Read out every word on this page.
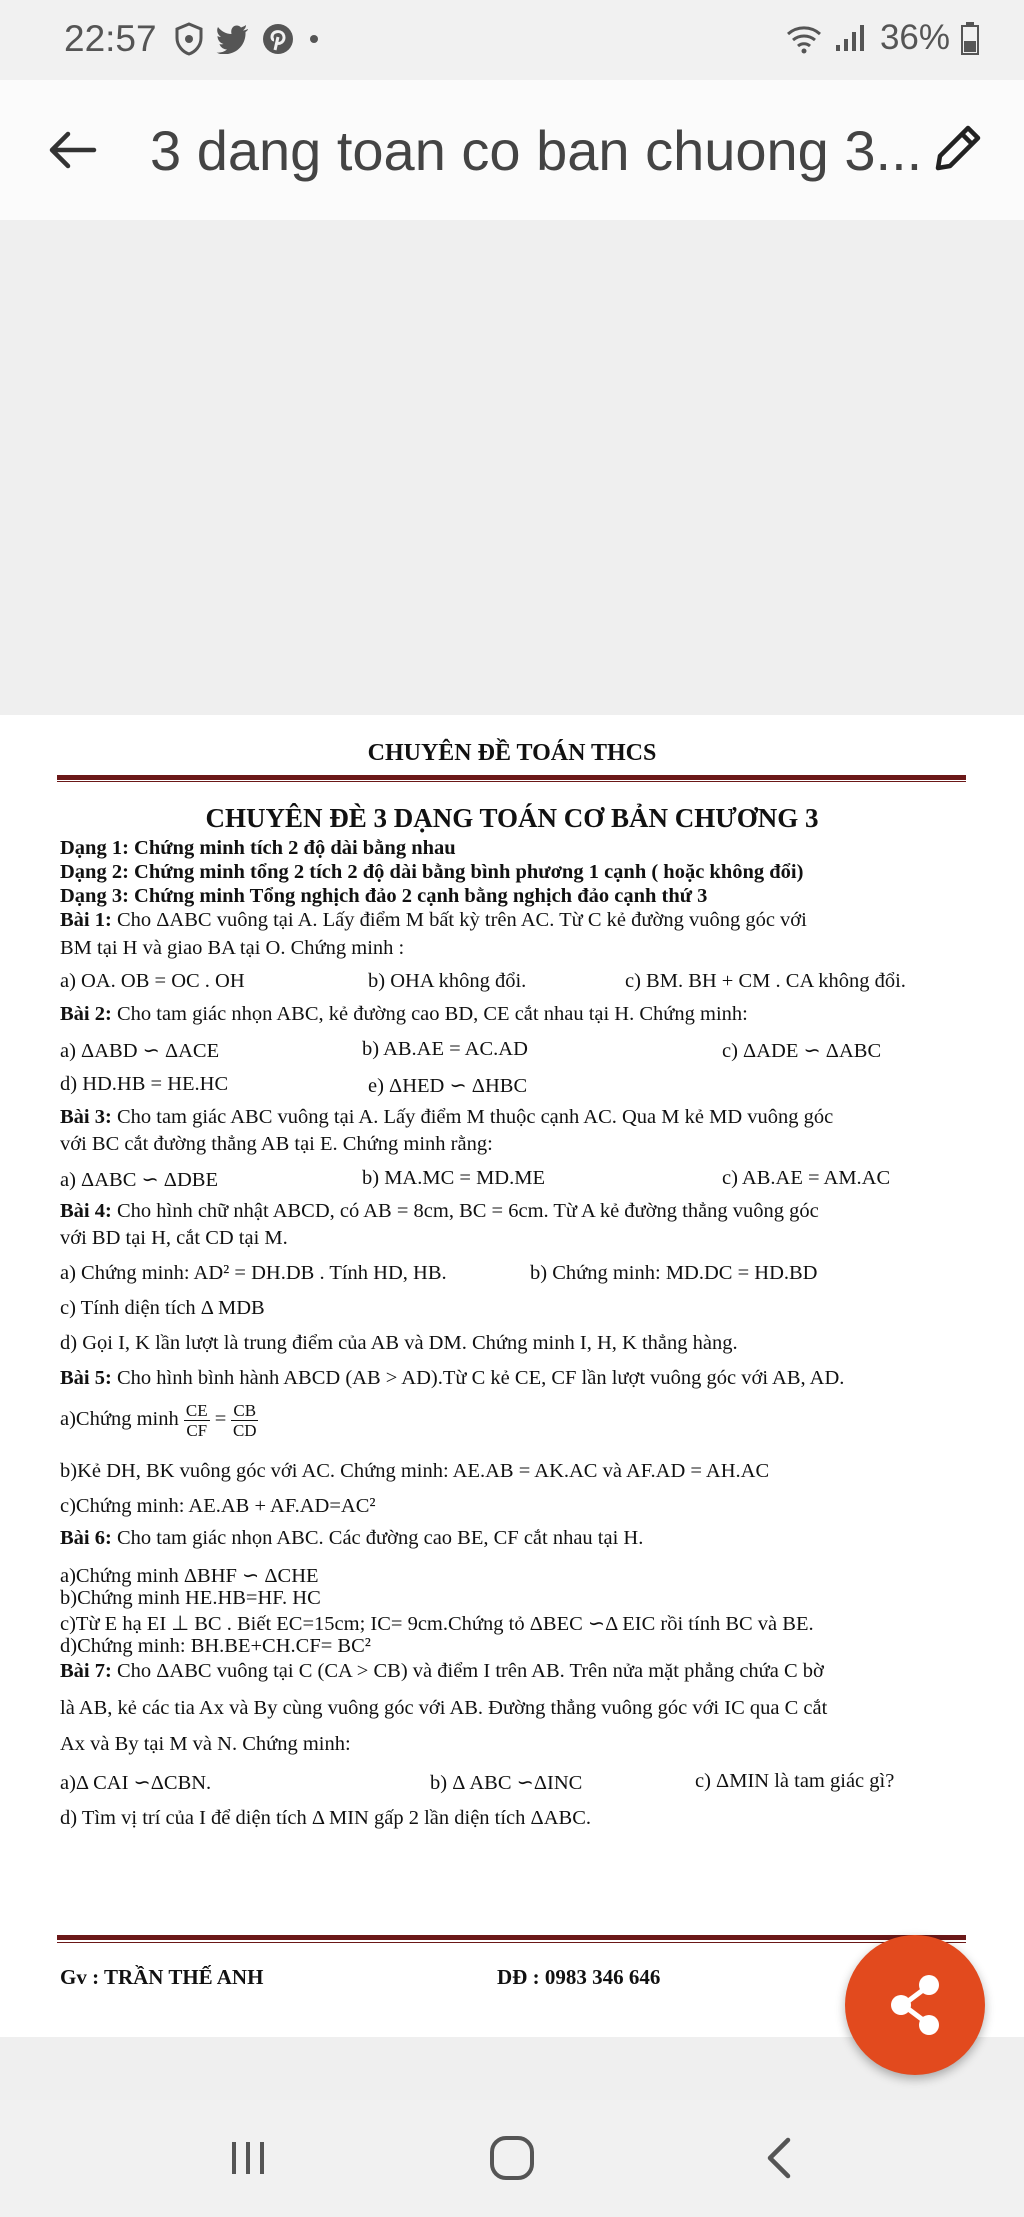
22:57	36%
3 dang toan co ban chuong 3...
CHUYÊN ĐỀ TOÁN THCS
CHUYÊN ĐÈ 3 DẠNG TOÁN CƠ BẢN CHƯƠNG 3
Dạng 1: Chứng minh tích 2 độ dài bằng nhau
Dạng 2: Chứng minh tổng 2 tích 2 độ dài bằng bình phương 1 cạnh ( hoặc không đổi)
Dạng 3: Chứng minh Tổng nghịch đảo 2 cạnh bằng nghịch đảo cạnh thứ 3
Bài 1: Cho ΔABC vuông tại A. Lấy điểm M bất kỳ trên AC. Từ C kẻ đường vuông góc với
BM tại H và giao BA tại O. Chứng minh :
a) OA. OB = OC . OH	b) OHA không đổi.	c) BM. BH + CM . CA không đổi.
Bài 2: Cho tam giác nhọn ABC, kẻ đường cao BD, CE cắt nhau tại H. Chứng minh:
a) ΔABD ∽ ΔACE	b) AB.AE = AC.AD	c) ΔADE ∽ ΔABC
d) HD.HB = HE.HC	e) ΔHED ∽ ΔHBC
Bài 3: Cho tam giác ABC vuông tại A. Lấy điểm M thuộc cạnh AC. Qua M kẻ MD vuông góc
với BC cắt đường thẳng AB tại E. Chứng minh rằng:
a) ΔABC ∽ ΔDBE	b) MA.MC = MD.ME	c) AB.AE = AM.AC
Bài 4: Cho hình chữ nhật ABCD, có AB = 8cm, BC = 6cm. Từ A kẻ đường thẳng vuông góc
với BD tại H, cắt CD tại M.
a) Chứng minh: AD² = DH.DB . Tính HD, HB.	b) Chứng minh: MD.DC = HD.BD
c) Tính diện tích Δ MDB
d) Gọi I, K lần lượt là trung điểm của AB và DM. Chứng minh I, H, K thẳng hàng.
Bài 5: Cho hình bình hành ABCD (AB > AD).Từ C kẻ CE, CF lần lượt vuông góc với AB, AD.
a)Chứng minh $\frac{CE}{CF} = \frac{CB}{CD}$
b)Kẻ DH, BK vuông góc với AC. Chứng minh: AE.AB = AK.AC và AF.AD = AH.AC
c)Chứng minh: AE.AB + AF.AD=AC²
Bài 6: Cho tam giác nhọn ABC. Các đường cao BE, CF cắt nhau tại H.
a)Chứng minh ΔBHF ∽ ΔCHE
b)Chứng minh HE.HB=HF. HC
c)Từ E hạ EI ⊥ BC . Biết EC=15cm; IC= 9cm.Chứng tỏ ΔBEC ∽Δ EIC rồi tính BC và BE.
d)Chứng minh: BH.BE+CH.CF= BC²
Bài 7: Cho ΔABC vuông tại C (CA > CB) và điểm I trên AB. Trên nửa mặt phẳng chứa C bờ
là AB, kẻ các tia Ax và By cùng vuông góc với AB. Đường thẳng vuông góc với IC qua C cắt
Ax và By tại M và N. Chứng minh:
a)Δ CAI ∽ΔCBN.	b) Δ ABC ∽ΔINC	c) ΔMIN là tam giác gì?
d) Tìm vị trí của I để diện tích Δ MIN gấp 2 lần diện tích ΔABC.
Gv : TRẦN THẾ ANH	DĐ : 0983 346 646
